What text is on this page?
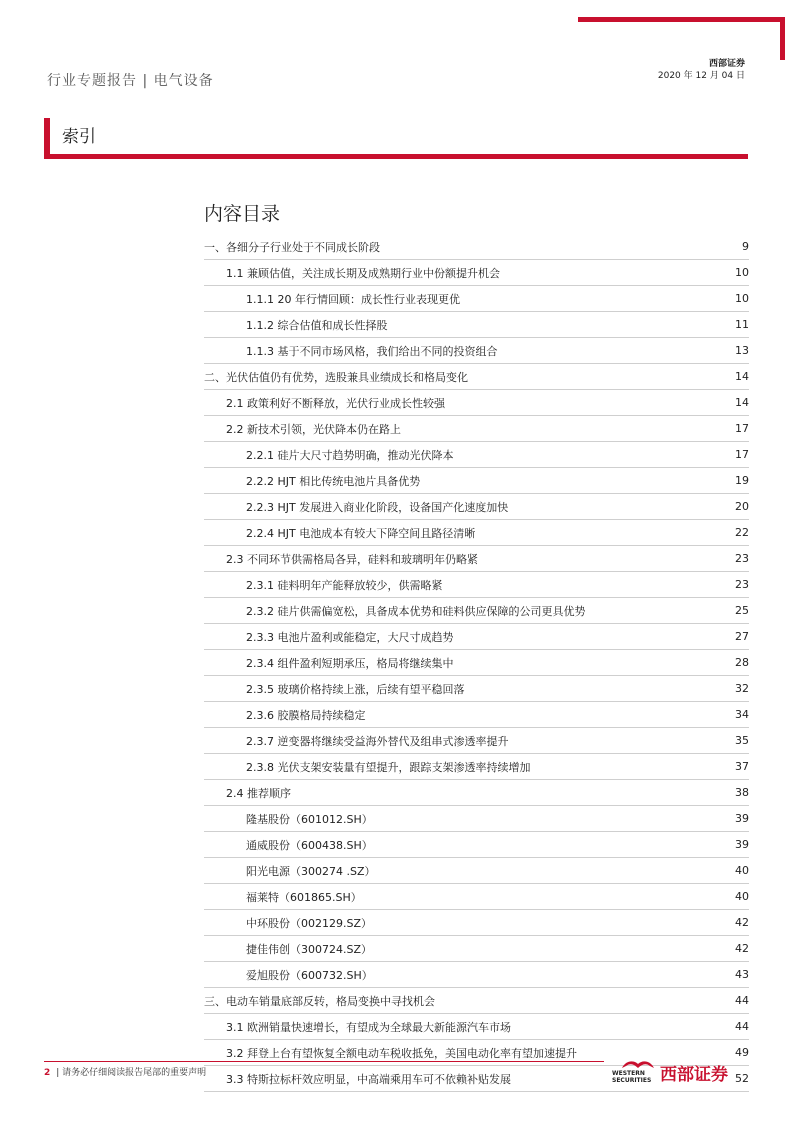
西部证券
2020 年 12 月 04 日
行业专题报告 | 电气设备
索引
内容目录
一、各细分子行业处于不同成长阶段	9
1.1 兼顾估值，关注成长期及成熟期行业中份额提升机会	10
1.1.1 20 年行情回顾：成长性行业表现更优	10
1.1.2 综合估值和成长性择股	11
1.1.3 基于不同市场风格，我们给出不同的投资组合	13
二、光伏估值仍有优势，选股兼具业绩成长和格局变化	14
2.1 政策利好不断释放，光伏行业成长性较强	14
2.2 新技术引领，光伏降本仍在路上	17
2.2.1 硅片大尺寸趋势明确，推动光伏降本	17
2.2.2 HJT 相比传统电池片具备优势	19
2.2.3 HJT 发展进入商业化阶段，设备国产化速度加快	20
2.2.4 HJT 电池成本有较大下降空间且路径清晰	22
2.3 不同环节供需格局各异，硅料和玻璃明年仍略紧	23
2.3.1 硅料明年产能释放较少，供需略紧	23
2.3.2 硅片供需偏宽松，具备成本优势和硅料供应保障的公司更具优势	25
2.3.3 电池片盈利或能稳定，大尺寸成趋势	27
2.3.4 组件盈利短期承压，格局将继续集中	28
2.3.5 玻璃价格持续上涨，后续有望平稳回落	32
2.3.6 胶膜格局持续稳定	34
2.3.7 逆变器将继续受益海外替代及组串式渗透率提升	35
2.3.8 光伏支架安装量有望提升，跟踪支架渗透率持续增加	37
2.4 推荐顺序	38
隆基股份（601012.SH）	39
通威股份（600438.SH）	39
阳光电源（300274 .SZ）	40
福莱特（601865.SH）	40
中环股份（002129.SZ）	42
捷佳伟创（300724.SZ）	42
爱旭股份（600732.SH）	43
三、电动车销量底部反转，格局变换中寻找机会	44
3.1 欧洲销量快速增长，有望成为全球最大新能源汽车市场	44
3.2 拜登上台有望恢复全额电动车税收抵免，美国电动化率有望加速提升	49
3.3 特斯拉标杆效应明显，中高端乘用车可不依赖补贴发展	52
2 | 请务必仔细阅读报告尾部的重要声明	WESTERN
SECURITIES 西部证券
